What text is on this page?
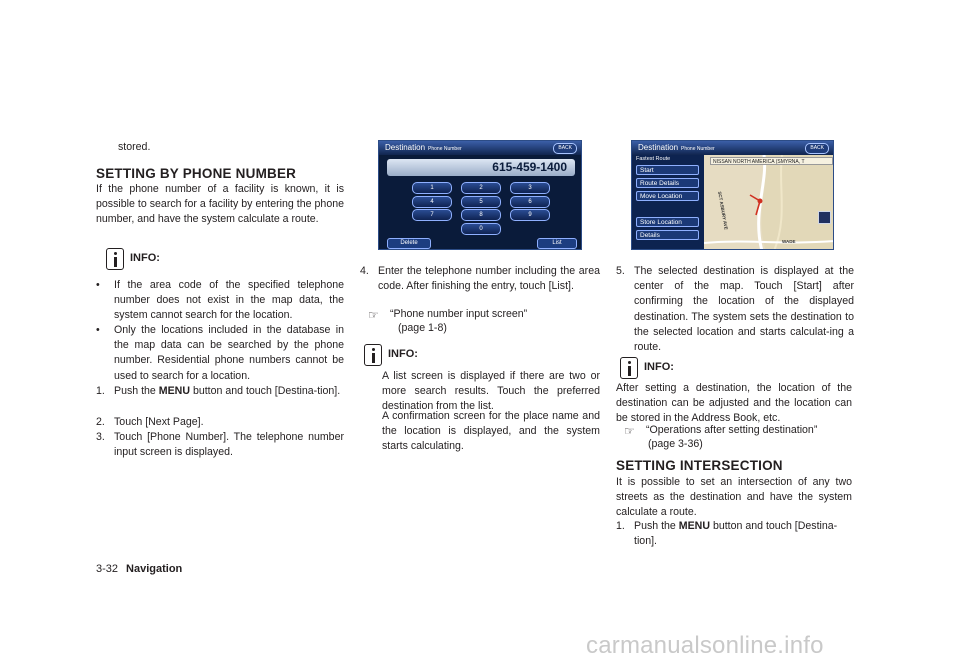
stored.

SETTING BY PHONE NUMBER

If the phone number of a facility is known, it is possible to search for a facility by entering the phone number, and have the system calculate a route.

INFO:
• If the area code of the specified telephone number does not exist in the map data, the system cannot search for the location.
• Only the locations included in the database in the map data can be searched by the phone number. Residential phone numbers cannot be used to search for a location.
1. Push the MENU button and touch [Destina-tion].
2. Touch [Next Page].
3. Touch [Phone Number]. The telephone number input screen is displayed.
Destination Phone Number	BACK
615-459-1400
1	2	3
4	5	6
7	8	9
0
Delete	List
4. Enter the telephone number including the area code. After finishing the entry, touch [List].
☞ “Phone number input screen”
(page 1-8)
INFO:

A list screen is displayed if there are two or more search results. Touch the preferred destination from the list.

A confirmation screen for the place name and the location is displayed, and the system starts calculating.

Destination Phone Number	BACK
Fastest Route
Start
Route Details
Move Location
Store Location
Details
NISSAN NORTH AMERICA (SMYRNA, T
SCT ASBURY AVE
WADE
5. The selected destination is displayed at the center of the map. Touch [Start] after confirming the location of the displayed destination. The system sets the destination to the selected location and starts calculat-ing a route.
INFO:

After setting a destination, the location of the destination can be adjusted and the location can be stored in the Address Book, etc.

☞ “Operations after setting destination”
(page 3-36)

SETTING INTERSECTION

It is possible to set an intersection of any two streets as the destination and have the system calculate a route.

1. Push the MENU button and touch [Destina-tion].
3-32 Navigation
carmanualsonline.info
